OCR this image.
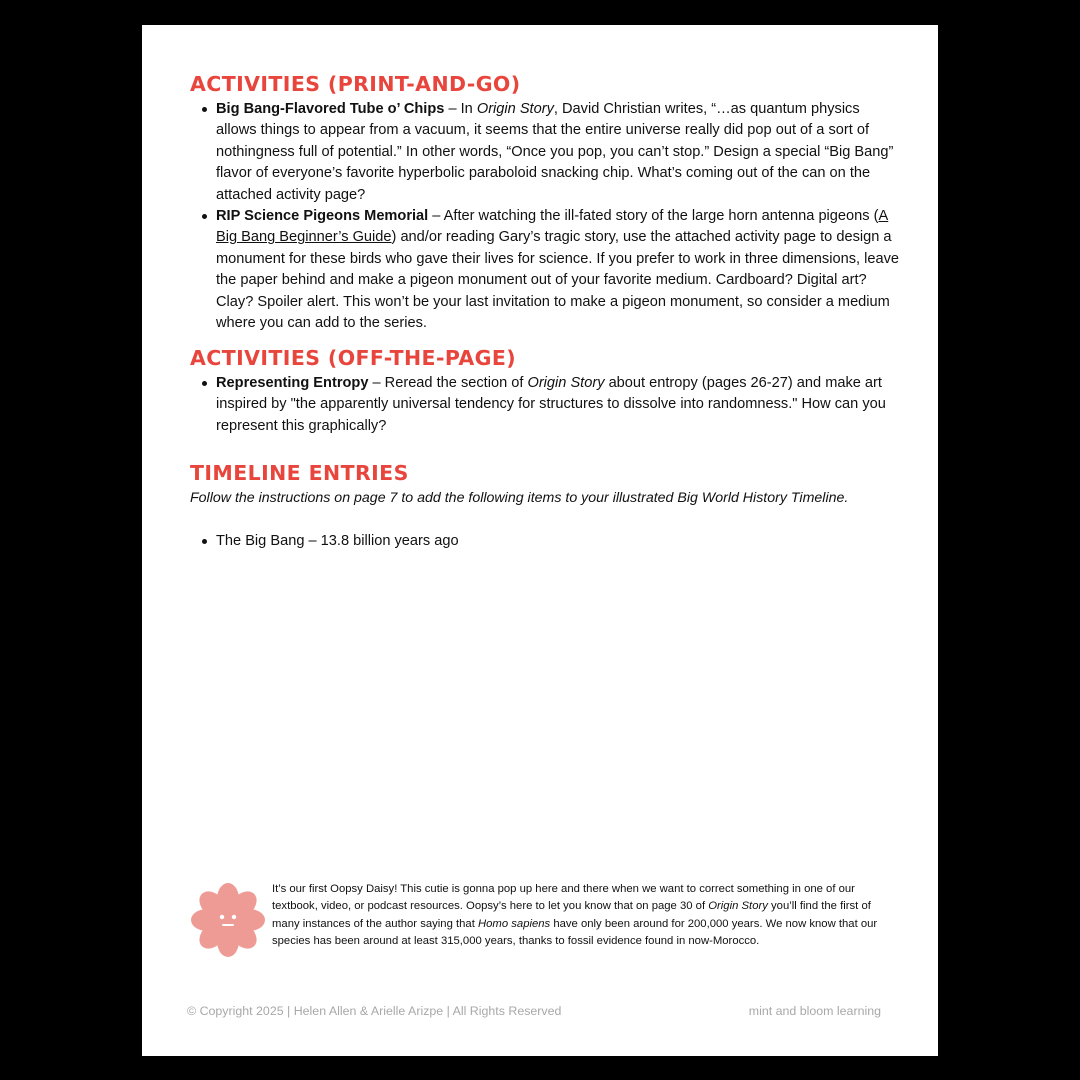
ACTIVITIES (PRINT-AND-GO)
Big Bang-Flavored Tube o’ Chips – In Origin Story, David Christian writes, “…as quantum physics allows things to appear from a vacuum, it seems that the entire universe really did pop out of a sort of nothingness full of potential.” In other words, “Once you pop, you can’t stop.” Design a special “Big Bang” flavor of everyone’s favorite hyperbolic paraboloid snacking chip. What’s coming out of the can on the attached activity page?
RIP Science Pigeons Memorial – After watching the ill-fated story of the large horn antenna pigeons (A Big Bang Beginner’s Guide) and/or reading Gary’s tragic story, use the attached activity page to design a monument for these birds who gave their lives for science. If you prefer to work in three dimensions, leave the paper behind and make a pigeon monument out of your favorite medium. Cardboard? Digital art? Clay? Spoiler alert. This won’t be your last invitation to make a pigeon monument, so consider a medium where you can add to the series.
ACTIVITIES (OFF-THE-PAGE)
Representing Entropy – Reread the section of Origin Story about entropy (pages 26-27) and make art inspired by "the apparently universal tendency for structures to dissolve into randomness." How can you represent this graphically?
TIMELINE ENTRIES

Follow the instructions on page 7 to add the following items to your illustrated Big World History Timeline.

The Big Bang – 13.8 billion years ago

It’s our first Oopsy Daisy! This cutie is gonna pop up here and there when we want to correct something in one of our textbook, video, or podcast resources. Oopsy’s here to let you know that on page 30 of Origin Story you’ll find the first of many instances of the author saying that Homo sapiens have only been around for 200,000 years. We now know that our species has been around at least 315,000 years, thanks to fossil evidence found in now-Morocco.

© Copyright 2025 | Helen Allen & Arielle Arizpe | All Rights Reserved	mint and bloom learning
